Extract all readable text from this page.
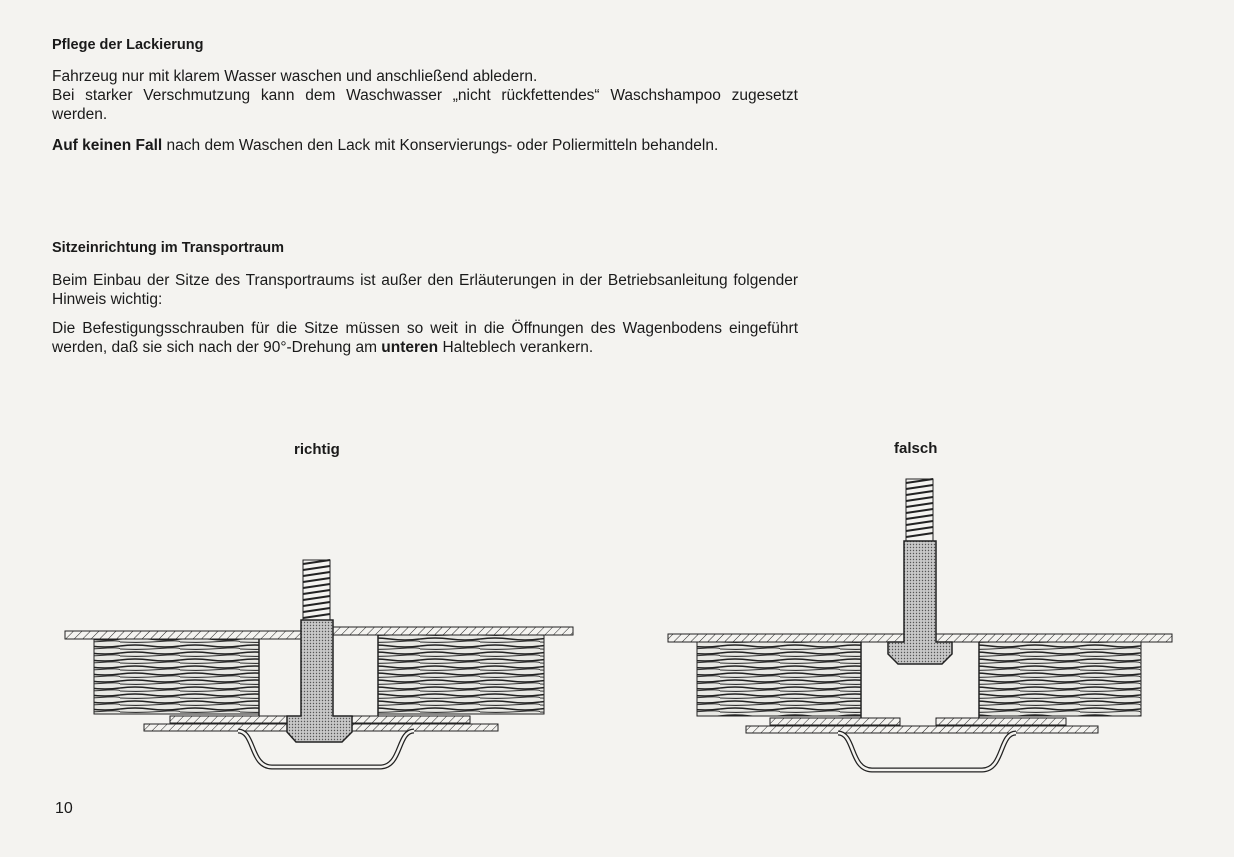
Pflege der Lackierung

Fahrzeug nur mit klarem Wasser waschen und anschließend abledern.
Bei starker Verschmutzung kann dem Waschwasser „nicht rückfettendes“ Waschshampoo zugesetzt werden.

Auf keinen Fall nach dem Waschen den Lack mit Konservierungs- oder Poliermitteln behandeln.

Sitzeinrichtung im Transportraum

Beim Einbau der Sitze des Transportraums ist außer den Erläuterungen in der Betriebsanleitung folgender Hinweis wichtig:

Die Befestigungsschrauben für die Sitze müssen so weit in die Öffnungen des Wagenbodens eingeführt werden, daß sie sich nach der 90°-Drehung am unteren Halteblech verankern.

richtig	falsch
10
